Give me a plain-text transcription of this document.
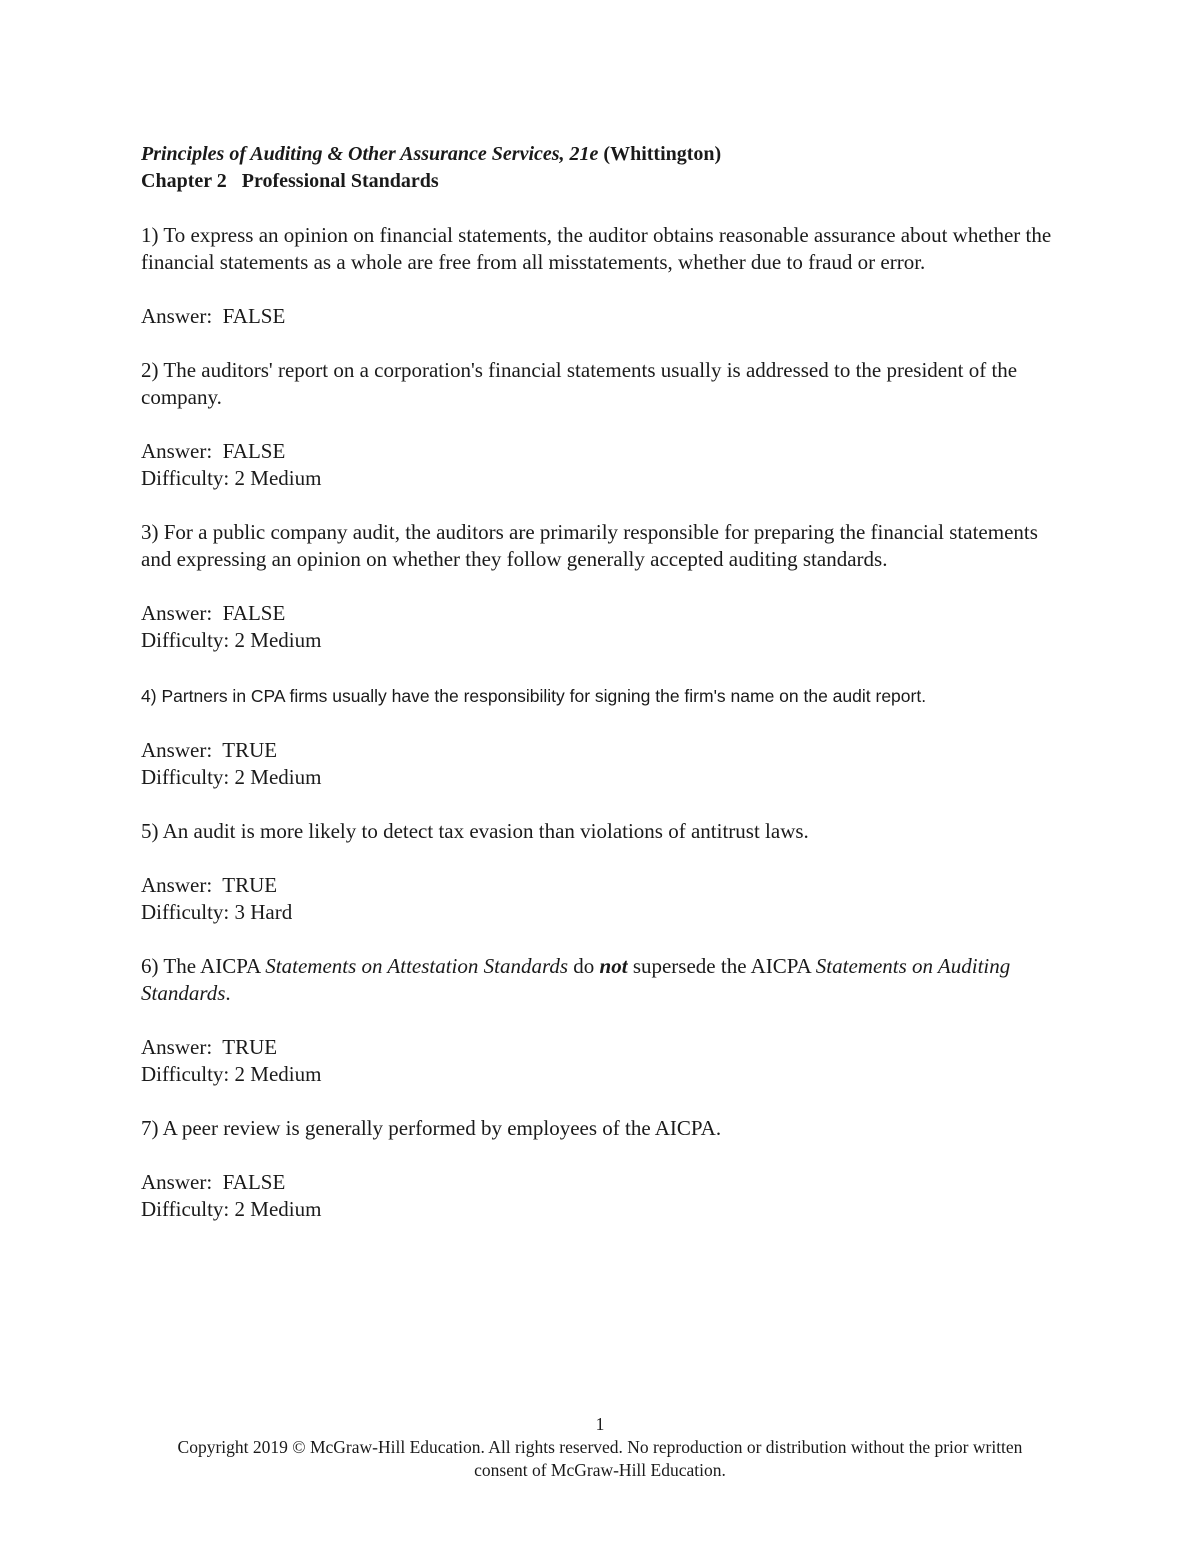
Principles of Auditing & Other Assurance Services, 21e (Whittington)

Chapter 2   Professional Standards

1) To express an opinion on financial statements, the auditor obtains reasonable assurance about whether the financial statements as a whole are free from all misstatements, whether due to fraud or error.

Answer:  FALSE

2) The auditors' report on a corporation's financial statements usually is addressed to the president of the company.

Answer:  FALSE

Difficulty: 2 Medium

3) For a public company audit, the auditors are primarily responsible for preparing the financial statements and expressing an opinion on whether they follow generally accepted auditing standards.

Answer:  FALSE

Difficulty: 2 Medium

4) Partners in CPA firms usually have the responsibility for signing the firm's name on the audit report.

Answer:  TRUE

Difficulty: 2 Medium

5) An audit is more likely to detect tax evasion than violations of antitrust laws.

Answer:  TRUE

Difficulty: 3 Hard

6) The AICPA Statements on Attestation Standards do not supersede the AICPA Statements on Auditing Standards.

Answer:  TRUE

Difficulty: 2 Medium

7) A peer review is generally performed by employees of the AICPA.

Answer:  FALSE

Difficulty: 2 Medium

1
Copyright 2019 © McGraw-Hill Education. All rights reserved. No reproduction or distribution without the prior written consent of McGraw-Hill Education.
